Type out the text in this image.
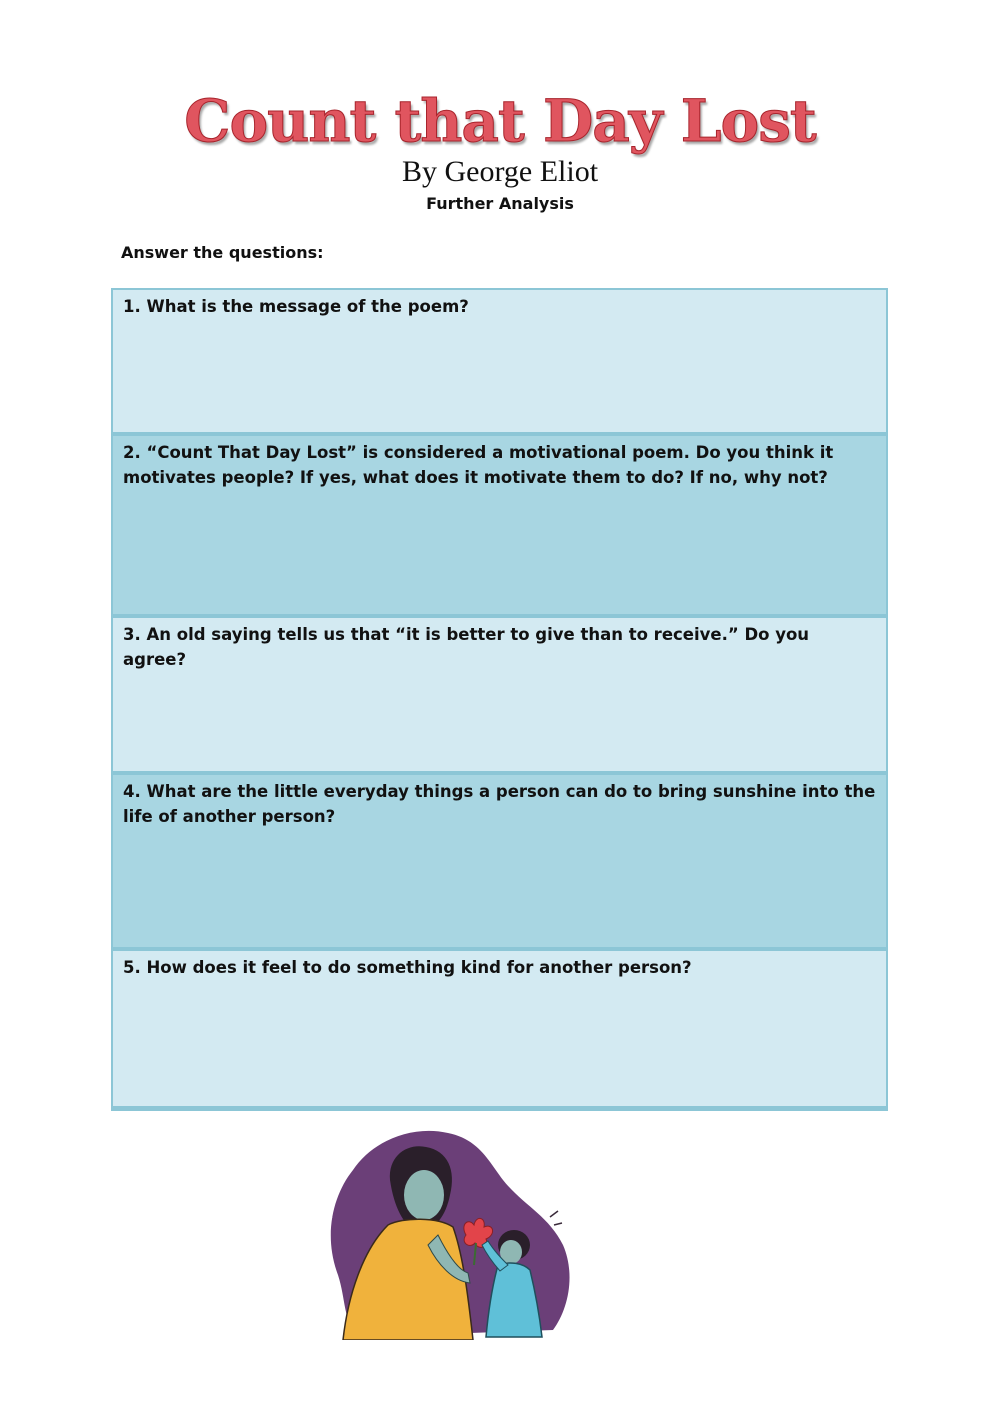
Count that Day Lost
By George Eliot
Further Analysis
Answer the questions:
1. What is the message of the poem?
2. “Count That Day Lost” is considered a motivational poem. Do you think it motivates people? If yes, what does it motivate them to do? If no, why not?
3. An old saying tells us that “it is better to give than to receive.” Do you agree?
4. What are the little everyday things a person can do to bring sunshine into the life of another person?
5. How does it feel to do something kind for another person?
